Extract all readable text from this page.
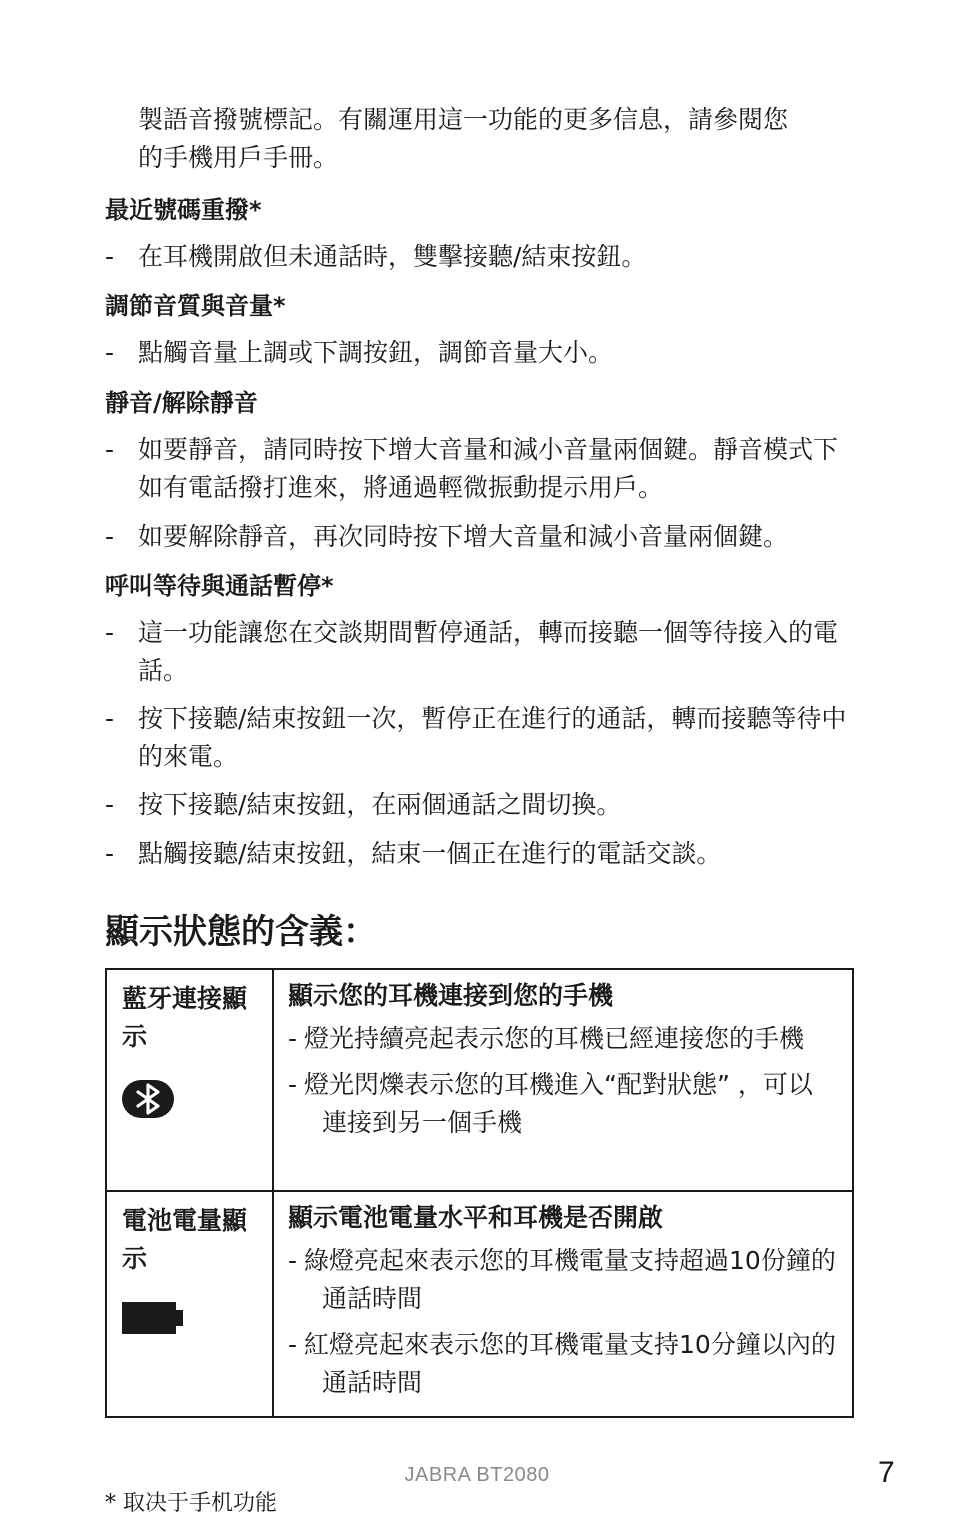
製語音撥號標記。有關運用這一功能的更多信息，請參閱您
的手機用戶手冊。
最近號碼重撥*
- 在耳機開啟但未通話時，雙擊接聽/結束按鈕。
調節音質與音量*
- 點觸音量上調或下調按鈕，調節音量大小。
靜音/解除靜音
- 如要靜音，請同時按下增大音量和減小音量兩個鍵。靜音模式下如有電話撥打進來，將通過輕微振動提示用戶。
- 如要解除靜音，再次同時按下增大音量和減小音量兩個鍵。
呼叫等待與通話暫停*
- 這一功能讓您在交談期間暫停通話，轉而接聽一個等待接入的電話。
- 按下接聽/結束按鈕一次，暫停正在進行的通話，轉而接聽等待中的來電。
- 按下接聽/結束按鈕，在兩個通話之間切換。
- 點觸接聽/結束按鈕，結束一個正在進行的電話交談。
顯示狀態的含義：
藍牙連接顯示	顯示您的耳機連接到您的手機
- 燈光持續亮起表示您的耳機已經連接您的手機
- 燈光閃爍表示您的耳機進入“配對狀態” ，可以連接到另一個手機

電池電量顯示	顯示電池電量水平和耳機是否開啟
- 綠燈亮起來表示您的耳機電量支持超過10份鐘的通話時間
- 紅燈亮起來表示您的耳機電量支持10分鐘以內的通話時間
JABRA BT2080	7
* 取决于手机功能
